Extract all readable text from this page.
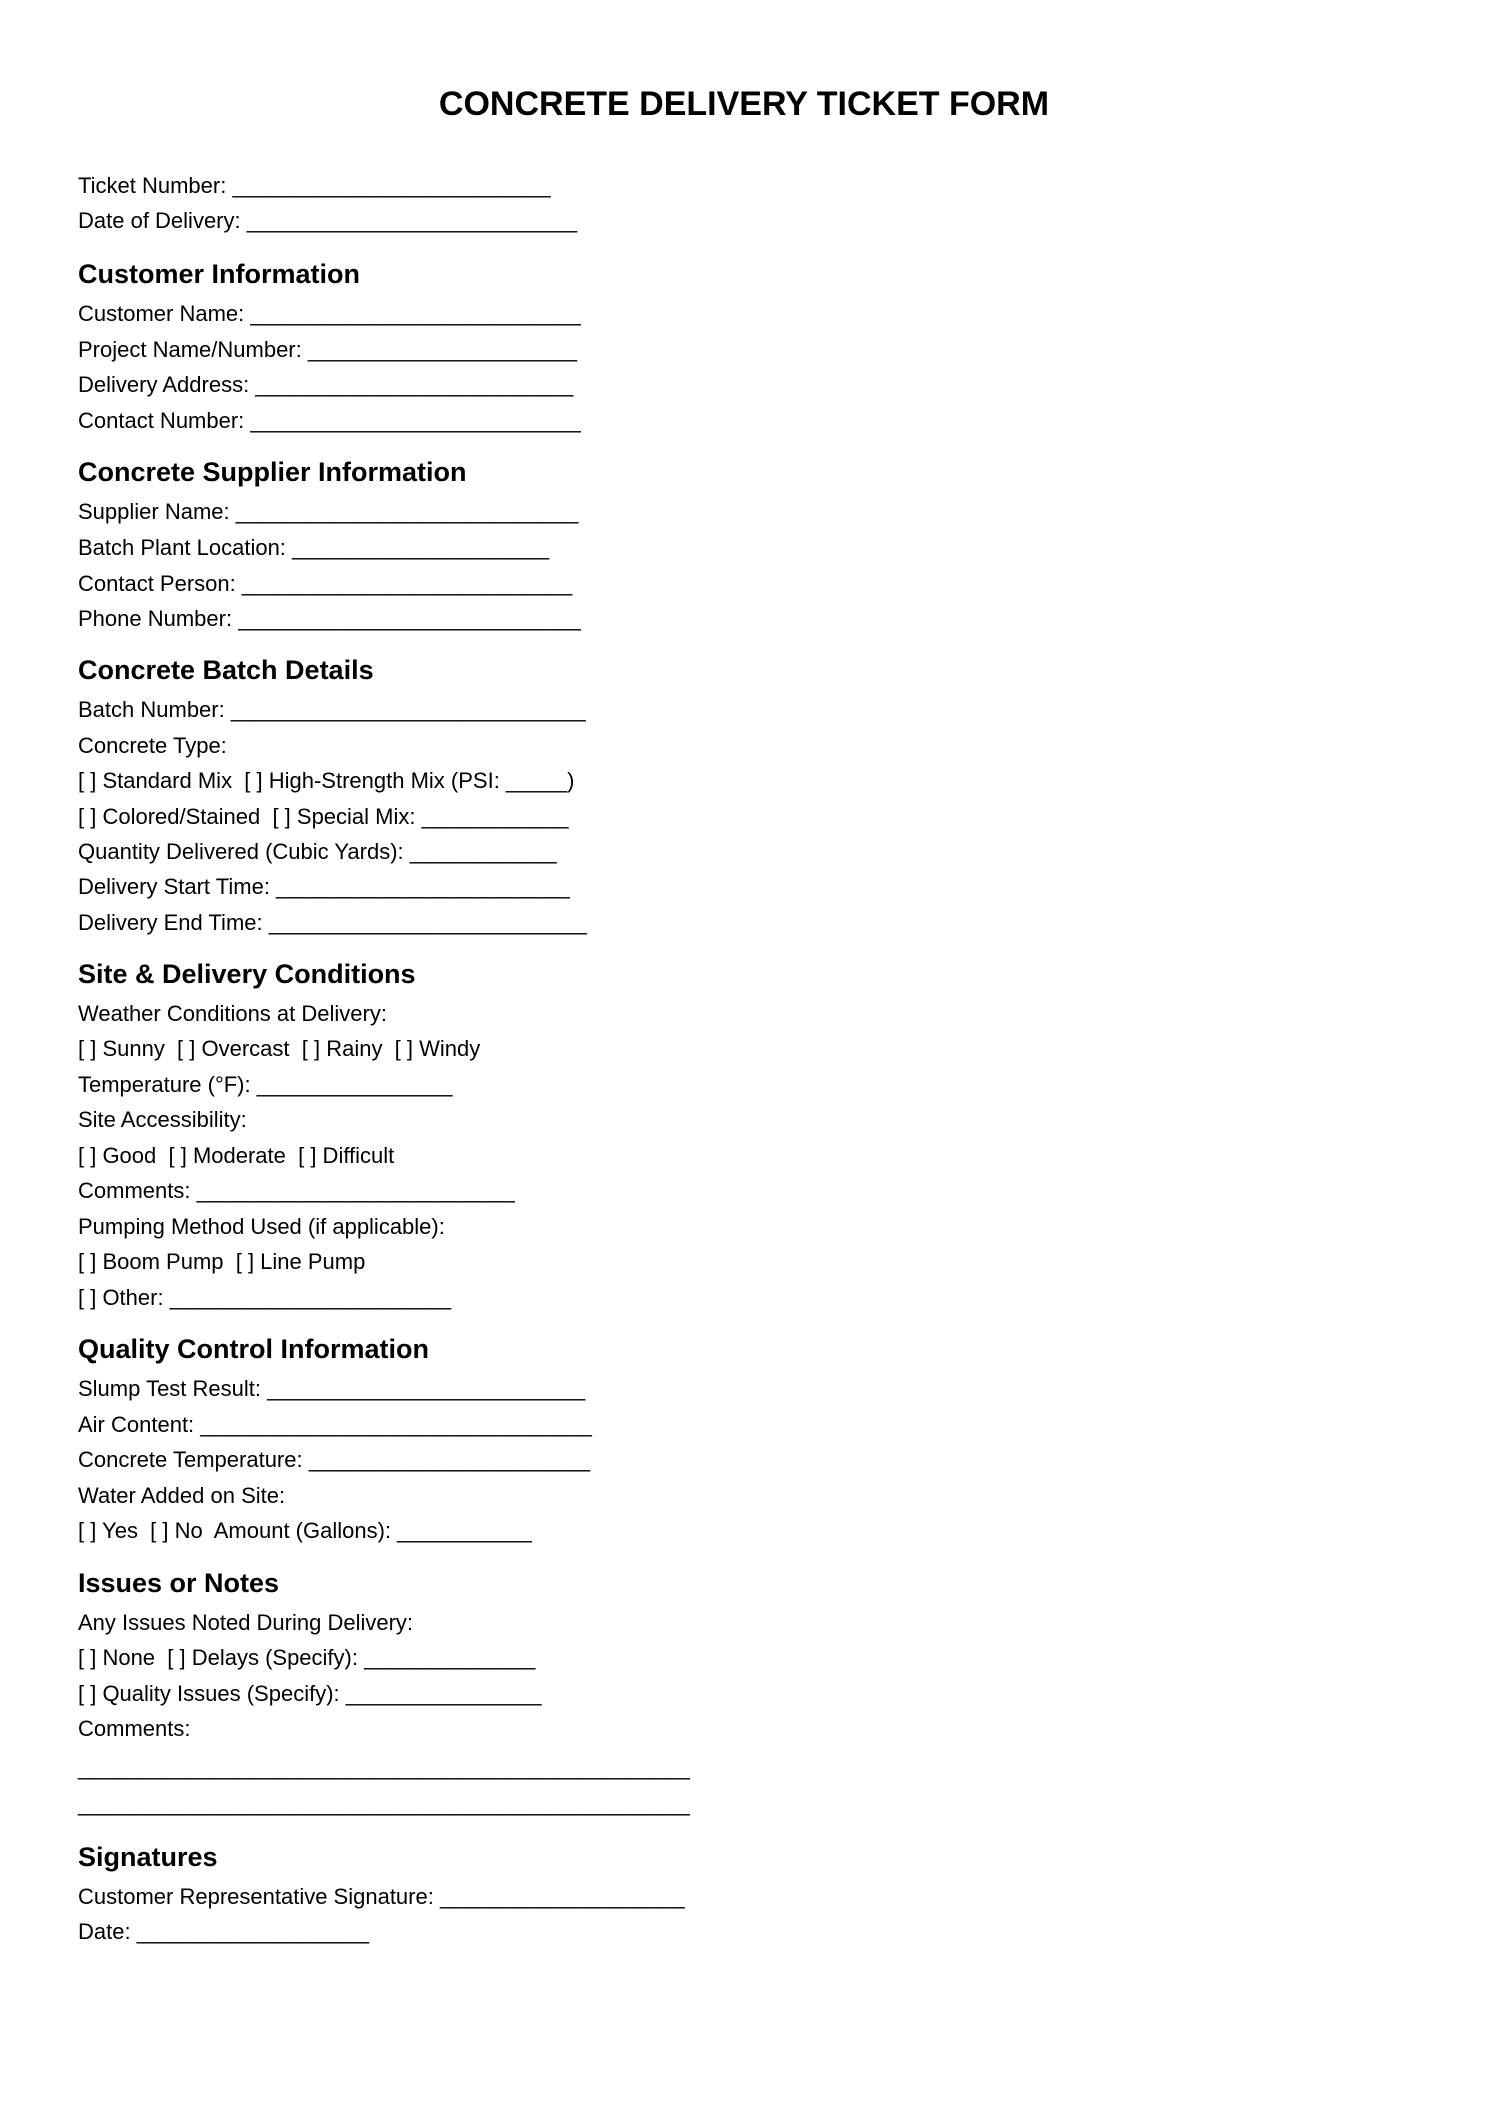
CONCRETE DELIVERY TICKET FORM
Ticket Number: __________________________
Date of Delivery: ___________________________
Customer Information
Customer Name: ___________________________
Project Name/Number: ______________________
Delivery Address: __________________________
Contact Number: ___________________________
Concrete Supplier Information
Supplier Name: ____________________________
Batch Plant Location: _____________________
Contact Person: ___________________________
Phone Number: ____________________________
Concrete Batch Details
Batch Number: _____________________________
Concrete Type:
[ ] Standard Mix  [ ] High-Strength Mix (PSI: _____)
[ ] Colored/Stained  [ ] Special Mix: ____________
Quantity Delivered (Cubic Yards): ____________
Delivery Start Time: ________________________
Delivery End Time: __________________________
Site & Delivery Conditions
Weather Conditions at Delivery:
[ ] Sunny  [ ] Overcast  [ ] Rainy  [ ] Windy
Temperature (°F): ________________
Site Accessibility:
[ ] Good  [ ] Moderate  [ ] Difficult
Comments: __________________________
Pumping Method Used (if applicable):
[ ] Boom Pump  [ ] Line Pump
[ ] Other: _______________________
Quality Control Information
Slump Test Result: __________________________
Air Content: ________________________________
Concrete Temperature: _______________________
Water Added on Site:
[ ] Yes  [ ] No  Amount (Gallons): ___________
Issues or Notes
Any Issues Noted During Delivery:
[ ] None  [ ] Delays (Specify): ______________
[ ] Quality Issues (Specify): ________________
Comments:
__________________________________________________
__________________________________________________
Signatures
Customer Representative Signature: ____________________
Date: ___________________
